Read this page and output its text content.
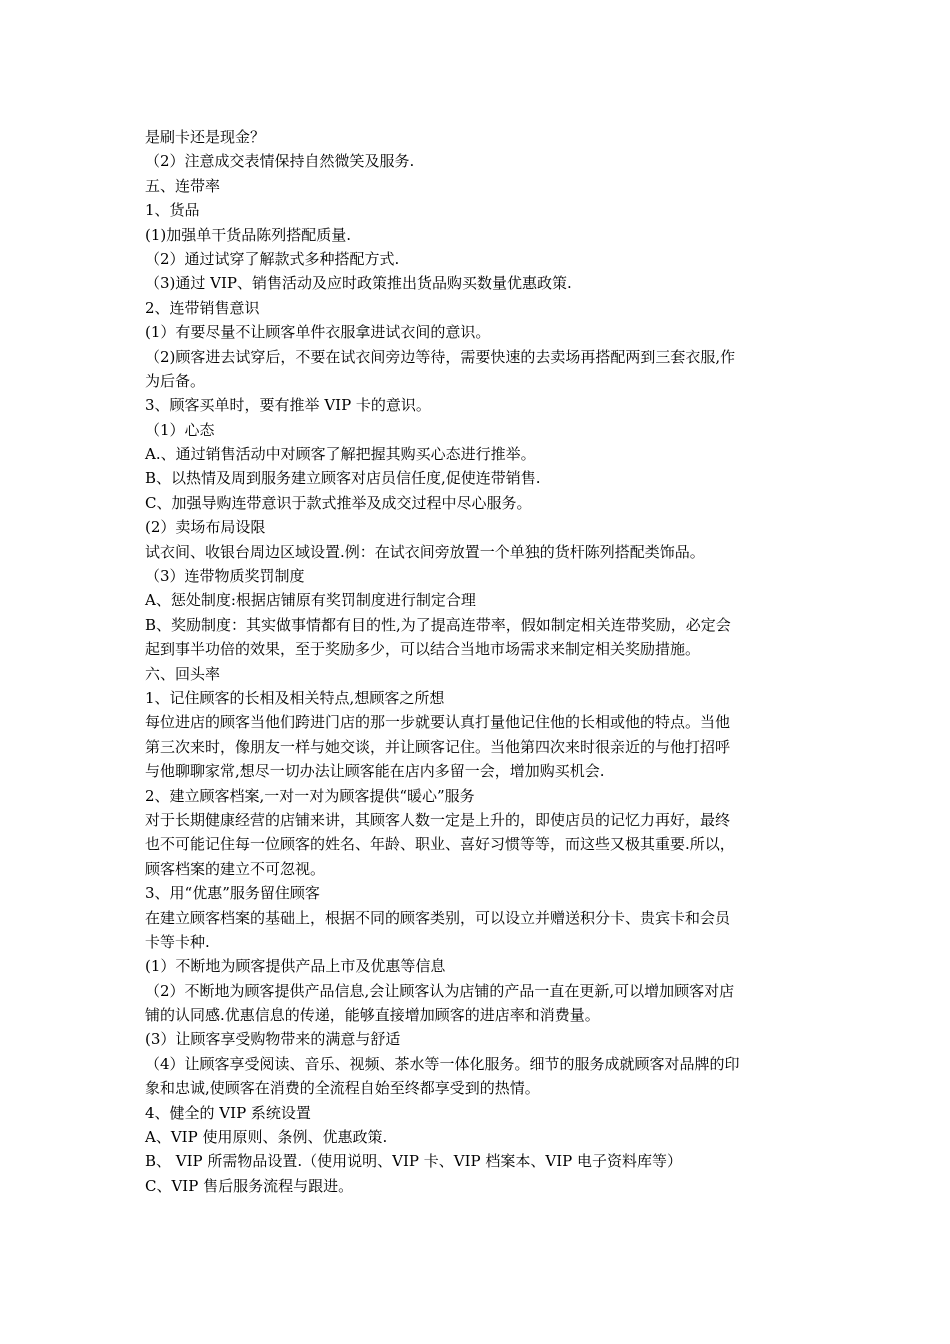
是刷卡还是现金？
（2）注意成交表情保持自然微笑及服务.
五、连带率
1、货品
(1)加强单干货品陈列搭配质量.
（2）通过试穿了解款式多种搭配方式.
（3)通过 VIP、销售活动及应时政策推出货品购买数量优惠政策.
2、连带销售意识
(1）有要尽量不让顾客单件衣服拿进试衣间的意识。
（2)顾客进去试穿后，不要在试衣间旁边等待，需要快速的去卖场再搭配两到三套衣服,作
为后备。
3、顾客买单时，要有推举 VIP 卡的意识。
（1）心态
A.、通过销售活动中对顾客了解把握其购买心态进行推举。
B、以热情及周到服务建立顾客对店员信任度,促使连带销售.
C、加强导购连带意识于款式推举及成交过程中尽心服务。
(2）卖场布局设限
试衣间、收银台周边区域设置.例：在试衣间旁放置一个单独的货杆陈列搭配类饰品。
（3）连带物质奖罚制度
A、惩处制度:根据店铺原有奖罚制度进行制定合理
B、奖励制度：其实做事情都有目的性,为了提高连带率，假如制定相关连带奖励，必定会
起到事半功倍的效果，至于奖励多少，可以结合当地市场需求来制定相关奖励措施。
六、回头率
1、记住顾客的长相及相关特点,想顾客之所想
每位进店的顾客当他们跨进门店的那一步就要认真打量他记住他的长相或他的特点。当他
第三次来时，像朋友一样与她交谈，并让顾客记住。当他第四次来时很亲近的与他打招呼
与他聊聊家常,想尽一切办法让顾客能在店内多留一会，增加购买机会.
2、建立顾客档案,一对一对为顾客提供“暖心”服务
对于长期健康经营的店铺来讲，其顾客人数一定是上升的，即使店员的记忆力再好，最终
也不可能记住每一位顾客的姓名、年龄、职业、喜好习惯等等，而这些又极其重要.所以，
顾客档案的建立不可忽视。
3、用“优惠”服务留住顾客
在建立顾客档案的基础上，根据不同的顾客类别，可以设立并赠送积分卡、贵宾卡和会员
卡等卡种.
(1）不断地为顾客提供产品上市及优惠等信息
（2）不断地为顾客提供产品信息,会让顾客认为店铺的产品一直在更新,可以增加顾客对店
铺的认同感.优惠信息的传递，能够直接增加顾客的进店率和消费量。
(3）让顾客享受购物带来的满意与舒适
（4）让顾客享受阅读、音乐、视频、茶水等一体化服务。细节的服务成就顾客对品牌的印
象和忠诚,使顾客在消费的全流程自始至终都享受到的热情。
4、健全的 VIP 系统设置
A、VIP 使用原则、条例、优惠政策.
B、 VIP 所需物品设置.（使用说明、VIP 卡、VIP 档案本、VIP 电子资料库等）
C、VIP 售后服务流程与跟进。
